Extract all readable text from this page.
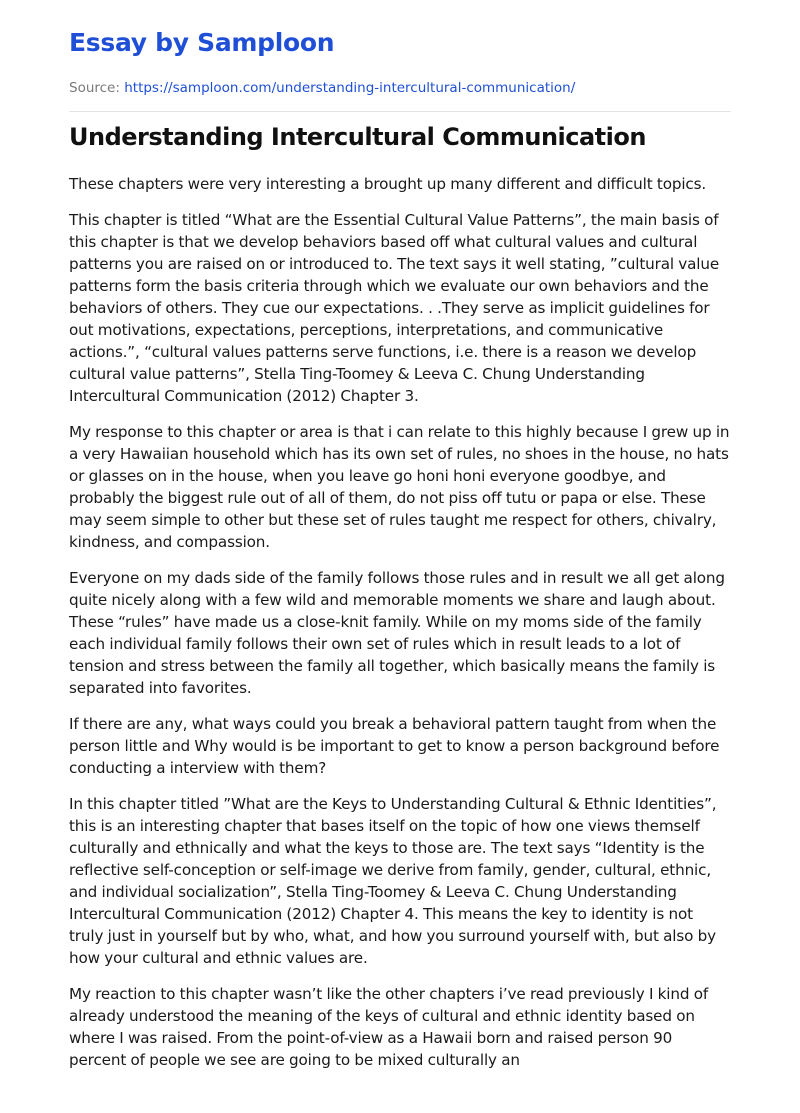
Essay by Samploon
Source: https://samploon.com/understanding-intercultural-communication/
Understanding Intercultural Communication

These chapters were very interesting a brought up many different and difficult topics.

This chapter is titled “What are the Essential Cultural Value Patterns”, the main basis of this chapter is that we develop behaviors based off what cultural values and cultural patterns you are raised on or introduced to. The text says it well stating, ”cultural value patterns form the basis criteria through which we evaluate our own behaviors and the behaviors of others. They cue our expectations. . .They serve as implicit guidelines for out motivations, expectations, perceptions, interpretations, and communicative actions.”, “cultural values patterns serve functions, i.e. there is a reason we develop cultural value patterns”, Stella Ting-Toomey & Leeva C. Chung Understanding Intercultural Communication (2012) Chapter 3.

My response to this chapter or area is that i can relate to this highly because I grew up in a very Hawaiian household which has its own set of rules, no shoes in the house, no hats or glasses on in the house, when you leave go honi honi everyone goodbye, and probably the biggest rule out of all of them, do not piss off tutu or papa or else. These may seem simple to other but these set of rules taught me respect for others, chivalry, kindness, and compassion.

Everyone on my dads side of the family follows those rules and in result we all get along quite nicely along with a few wild and memorable moments we share and laugh about. These “rules” have made us a close-knit family. While on my moms side of the family each individual family follows their own set of rules which in result leads to a lot of tension and stress between the family all together, which basically means the family is separated into favorites.

If there are any, what ways could you break a behavioral pattern taught from when the person little and Why would is be important to get to know a person background before conducting a interview with them?

In this chapter titled ”What are the Keys to Understanding Cultural & Ethnic Identities”, this is an interesting chapter that bases itself on the topic of how one views themself culturally and ethnically and what the keys to those are. The text says “Identity is the reflective self-conception or self-image we derive from family, gender, cultural, ethnic, and individual socialization”, Stella Ting-Toomey & Leeva C. Chung Understanding Intercultural Communication (2012) Chapter 4. This means the key to identity is not truly just in yourself but by who, what, and how you surround yourself with, but also by how your cultural and ethnic values are.

My reaction to this chapter wasn’t like the other chapters i’ve read previously I kind of already understood the meaning of the keys of cultural and ethnic identity based on where I was raised. From the point-of-view as a Hawaii born and raised person 90 percent of people we see are going to be mixed culturally an
